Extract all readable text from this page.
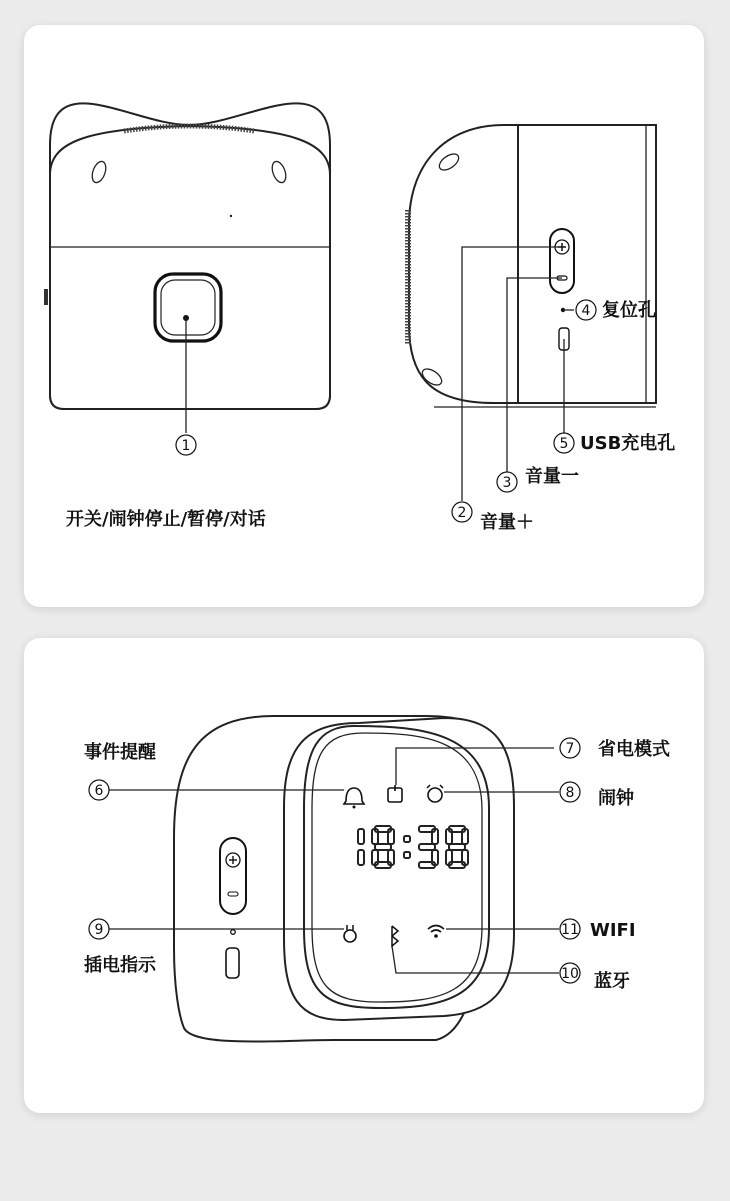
1
开关/闹钟停止/暂停/对话
4 复位孔
5 USB充电孔
3 音量一
2 音量＋
6
事件提醒	7 省电模式
8 闹钟
9
插电指示
11 WIFI
10 蓝牙
